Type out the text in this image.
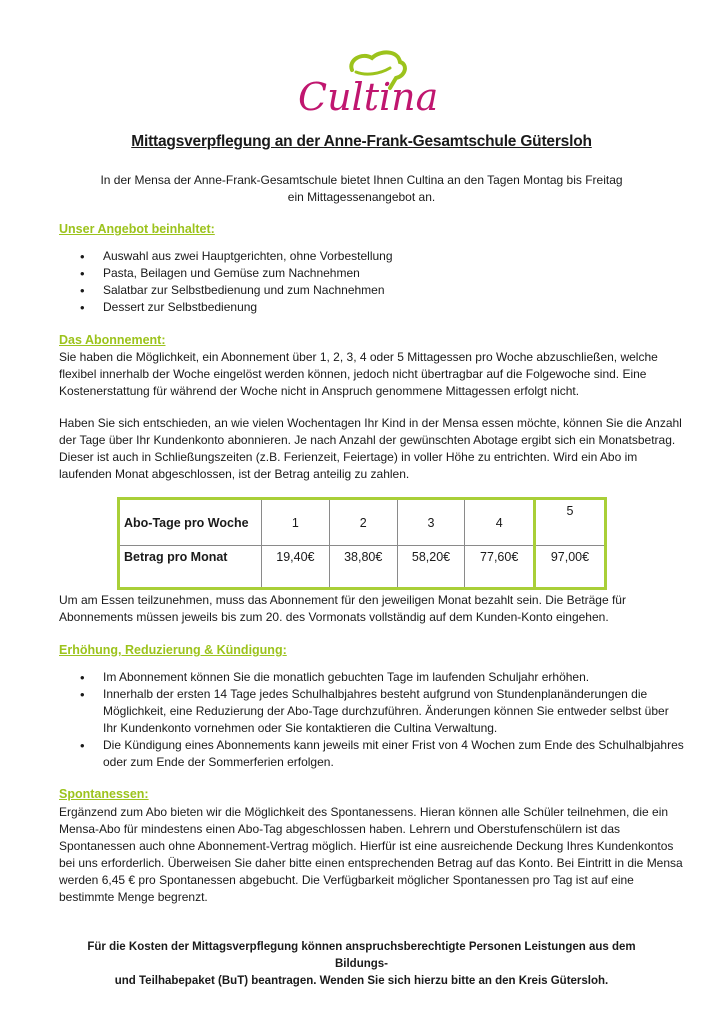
Cultina
Mittagsverpflegung an der Anne-Frank-Gesamtschule Gütersloh
In der Mensa der Anne-Frank-Gesamtschule bietet Ihnen Cultina an den Tagen Montag bis Freitag
ein Mittagessenangebot an.
Unser Angebot beinhaltet:
• Auswahl aus zwei Hauptgerichten, ohne Vorbestellung
• Pasta, Beilagen und Gemüse zum Nachnehmen
• Salatbar zur Selbstbedienung und zum Nachnehmen
• Dessert zur Selbstbedienung
Das Abonnement:

Sie haben die Möglichkeit, ein Abonnement über 1, 2, 3, 4 oder 5 Mittagessen pro Woche abzuschließen, welche flexibel innerhalb der Woche eingelöst werden können, jedoch nicht übertragbar auf die Folgewoche sind. Eine Kostenerstattung für während der Woche nicht in Anspruch genommene Mittagessen erfolgt nicht.

Haben Sie sich entschieden, an wie vielen Wochentagen Ihr Kind in der Mensa essen möchte, können Sie die Anzahl der Tage über Ihr Kundenkonto abonnieren. Je nach Anzahl der gewünschten Abotage ergibt sich ein Monatsbetrag. Dieser ist auch in Schließungszeiten (z.B. Ferienzeit, Feiertage) in voller Höhe zu entrichten. Wird ein Abo im laufenden Monat abgeschlossen, ist der Betrag anteilig zu zahlen.

Abo-Tage pro Woche	1	2	3	4	5
Betrag pro Monat	19,40€	38,80€	58,20€	77,60€	97,00€

Um am Essen teilzunehmen, muss das Abonnement für den jeweiligen Monat bezahlt sein. Die Beträge für Abonnements müssen jeweils bis zum 20. des Vormonats vollständig auf dem Kunden-Konto eingehen.

Erhöhung, Reduzierung & Kündigung:
• Im Abonnement können Sie die monatlich gebuchten Tage im laufenden Schuljahr erhöhen.
• Innerhalb der ersten 14 Tage jedes Schulhalbjahres besteht aufgrund von Stundenplanänderungen die Möglichkeit, eine Reduzierung der Abo-Tage durchzuführen. Änderungen können Sie entweder selbst über Ihr Kundenkonto vornehmen oder Sie kontaktieren die Cultina Verwaltung.
• Die Kündigung eines Abonnements kann jeweils mit einer Frist von 4 Wochen zum Ende des Schulhalbjahres oder zum Ende der Sommerferien erfolgen.
Spontanessen:

Ergänzend zum Abo bieten wir die Möglichkeit des Spontanessens. Hieran können alle Schüler teilnehmen, die ein Mensa-Abo für mindestens einen Abo-Tag abgeschlossen haben. Lehrern und Oberstufenschülern ist das Spontanessen auch ohne Abonnement-Vertrag möglich. Hierfür ist eine ausreichende Deckung Ihres Kundenkontos bei uns erforderlich. Überweisen Sie daher bitte einen entsprechenden Betrag auf das Konto. Bei Eintritt in die Mensa werden 6,45 € pro Spontanessen abgebucht. Die Verfügbarkeit möglicher Spontanessen pro Tag ist auf eine bestimmte Menge begrenzt.

Für die Kosten der Mittagsverpflegung können anspruchsberechtigte Personen Leistungen aus dem Bildungs-
und Teilhabepaket (BuT) beantragen. Wenden Sie sich hierzu bitte an den Kreis Gütersloh.
